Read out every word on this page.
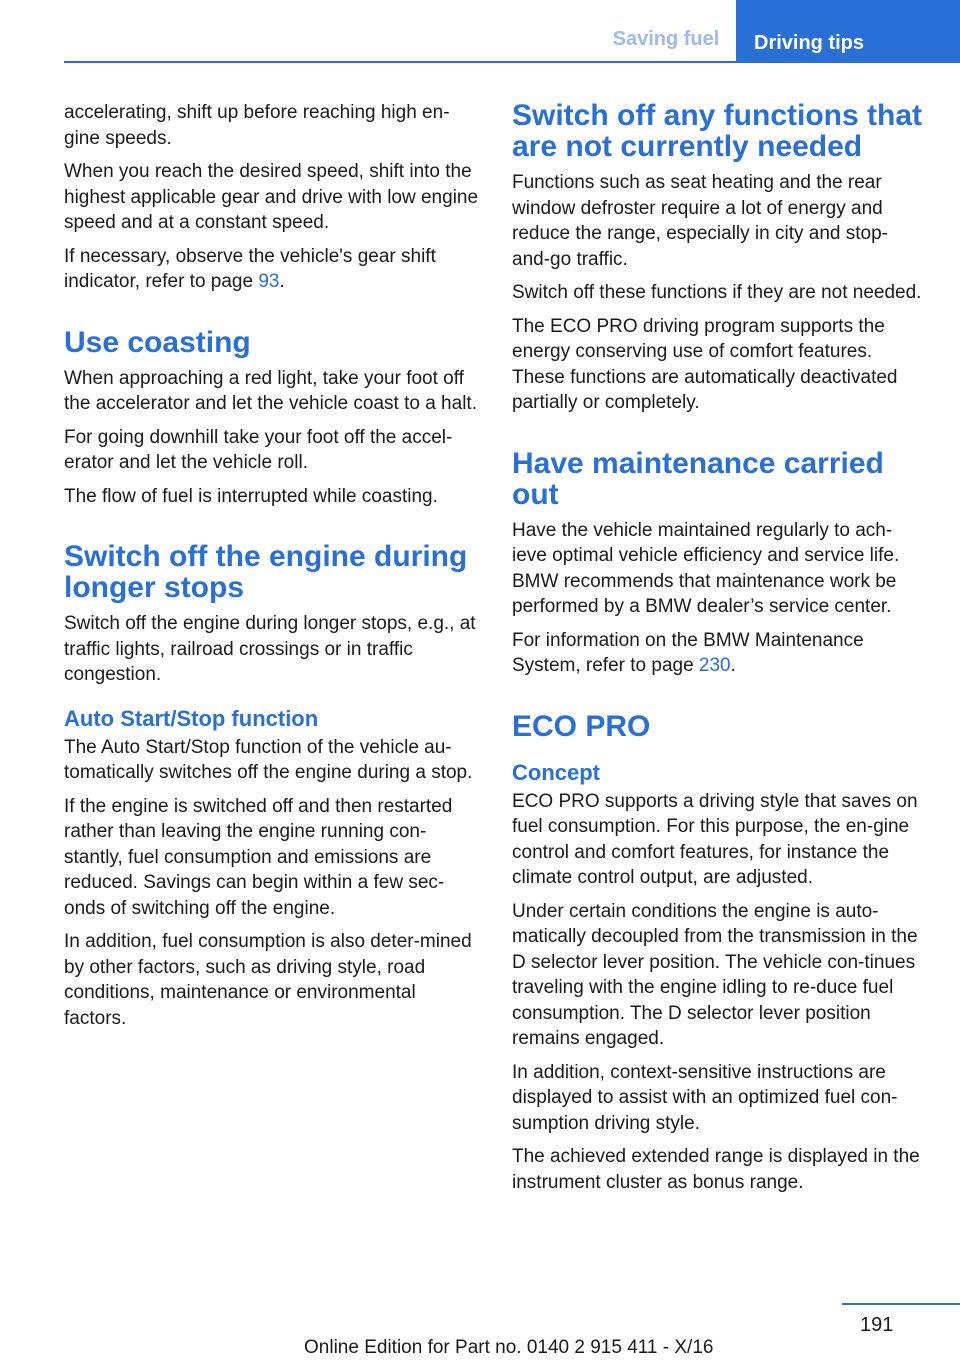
Saving fuel	Driving tips

accelerating, shift up before reaching high en-gine speeds.

When you reach the desired speed, shift into the highest applicable gear and drive with low engine speed and at a constant speed.

If necessary, observe the vehicle's gear shift indicator, refer to page 93.

Use coasting

When approaching a red light, take your foot off the accelerator and let the vehicle coast to a halt.

For going downhill take your foot off the accel-erator and let the vehicle roll.

The flow of fuel is interrupted while coasting.

Switch off the engine during longer stops

Switch off the engine during longer stops, e.g., at traffic lights, railroad crossings or in traffic congestion.

Auto Start/Stop function

The Auto Start/Stop function of the vehicle au-tomatically switches off the engine during a stop.

If the engine is switched off and then restarted rather than leaving the engine running con-stantly, fuel consumption and emissions are reduced. Savings can begin within a few sec-onds of switching off the engine.

In addition, fuel consumption is also deter-mined by other factors, such as driving style, road conditions, maintenance or environmental factors.

Switch off any functions that are not currently needed

Functions such as seat heating and the rear window defroster require a lot of energy and reduce the range, especially in city and stop-and-go traffic.

Switch off these functions if they are not needed.

The ECO PRO driving program supports the energy conserving use of comfort features. These functions are automatically deactivated partially or completely.

Have maintenance carried out

Have the vehicle maintained regularly to ach-ieve optimal vehicle efficiency and service life. BMW recommends that maintenance work be performed by a BMW dealer’s service center.

For information on the BMW Maintenance System, refer to page 230.

ECO PRO
Concept

ECO PRO supports a driving style that saves on fuel consumption. For this purpose, the en-gine control and comfort features, for instance the climate control output, are adjusted.

Under certain conditions the engine is auto-matically decoupled from the transmission in the D selector lever position. The vehicle con-tinues traveling with the engine idling to re-duce fuel consumption. The D selector lever position remains engaged.

In addition, context-sensitive instructions are displayed to assist with an optimized fuel con-sumption driving style.

The achieved extended range is displayed in the instrument cluster as bonus range.

191
Online Edition for Part no. 0140 2 915 411 - X/16
